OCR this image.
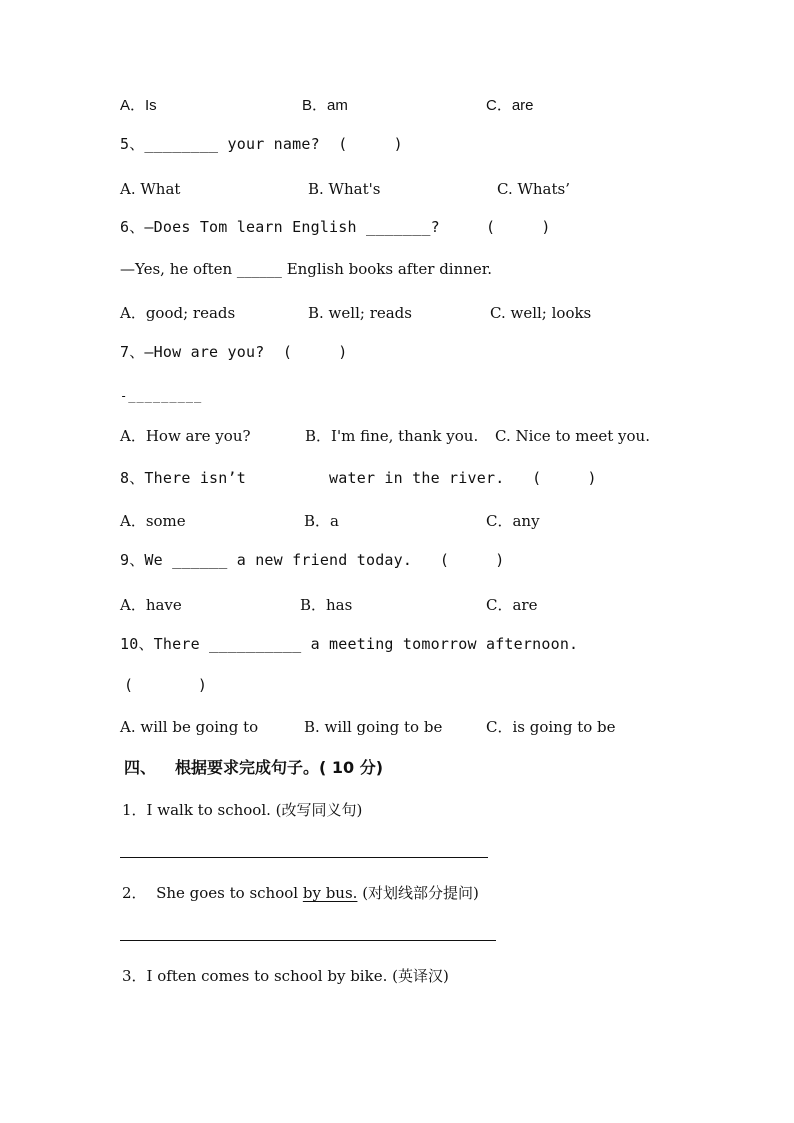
A．Is	B．am	C．are
5、________ your name?  (     )
A. What	B. What's	C. Whats’
6、—Does Tom learn English _______?     (     )
—Yes, he often ______ English books after dinner.
A．good; reads	B. well; reads	C. well; looks
7、—How are you?  (     )
-_________
A．How are you?	B．I'm fine, thank you. C. Nice to meet you.
8、There isn’t         water in the river.   (     )
A．some	B．a	C．any
9、We ______ a new friend today.   (     )
A．have	B．has	C．are
10、There __________ a meeting tomorrow afternoon.
(       )
A. will be going to	B. will going to be	C．is going to be
四、 根据要求完成句子。( 10 分)
1．I walk to school. (改写同义句)
2．  She goes to school by bus. (对划线部分提问)
3．I often comes to school by bike. (英译汉)
